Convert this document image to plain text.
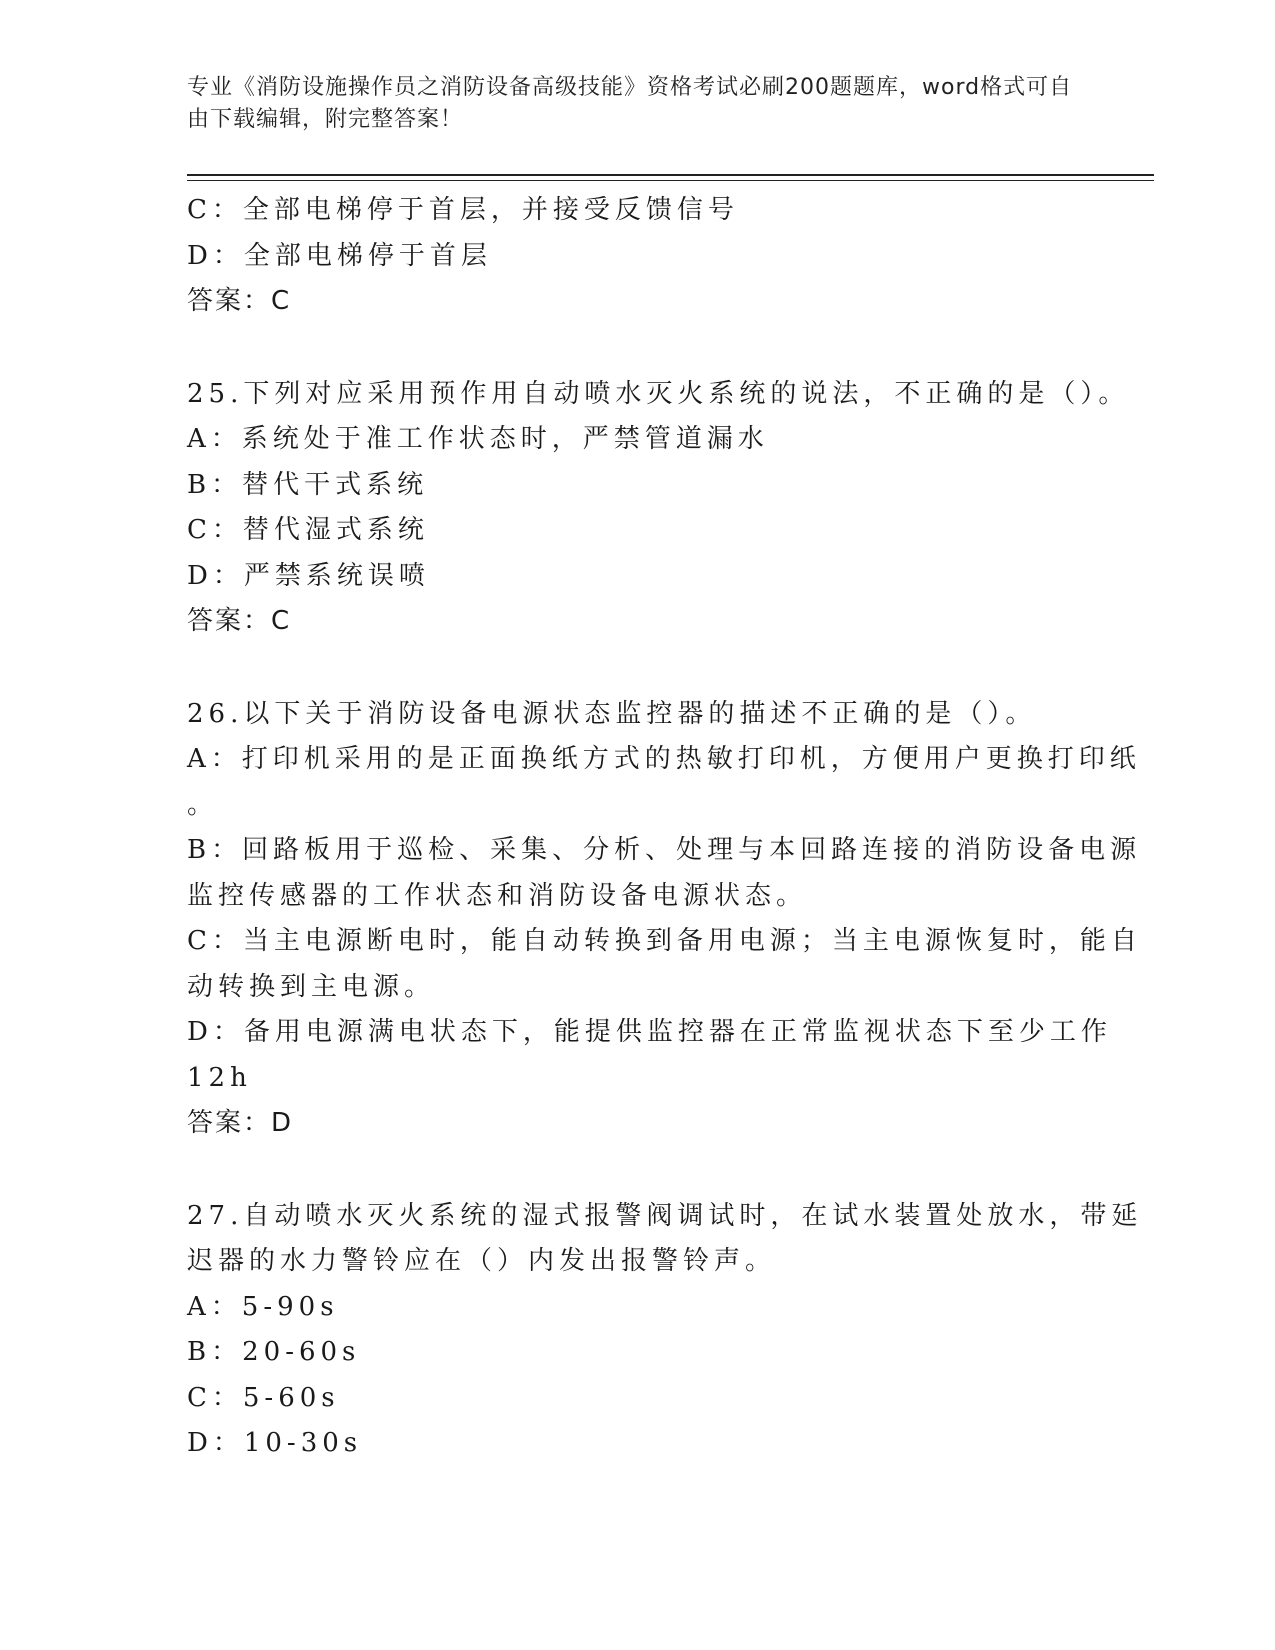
专业《消防设施操作员之消防设备高级技能》资格考试必刷200题题库，word格式可自由下载编辑，附完整答案！
C：全部电梯停于首层，并接受反馈信号
D：全部电梯停于首层
答案：C
25.下列对应采用预作用自动喷水灭火系统的说法，不正确的是（）。
A：系统处于准工作状态时，严禁管道漏水
B：替代干式系统
C：替代湿式系统
D：严禁系统误喷
答案：C
26.以下关于消防设备电源状态监控器的描述不正确的是（）。
A：打印机采用的是正面换纸方式的热敏打印机，方便用户更换打印纸
。
B：回路板用于巡检、采集、分析、处理与本回路连接的消防设备电源
监控传感器的工作状态和消防设备电源状态。
C：当主电源断电时，能自动转换到备用电源；当主电源恢复时，能自
动转换到主电源。
D：备用电源满电状态下，能提供监控器在正常监视状态下至少工作
12h
答案：D
27.自动喷水灭火系统的湿式报警阀调试时，在试水装置处放水，带延
迟器的水力警铃应在（）内发出报警铃声。
A：5-90s
B：20-60s
C：5-60s
D：10-30s
